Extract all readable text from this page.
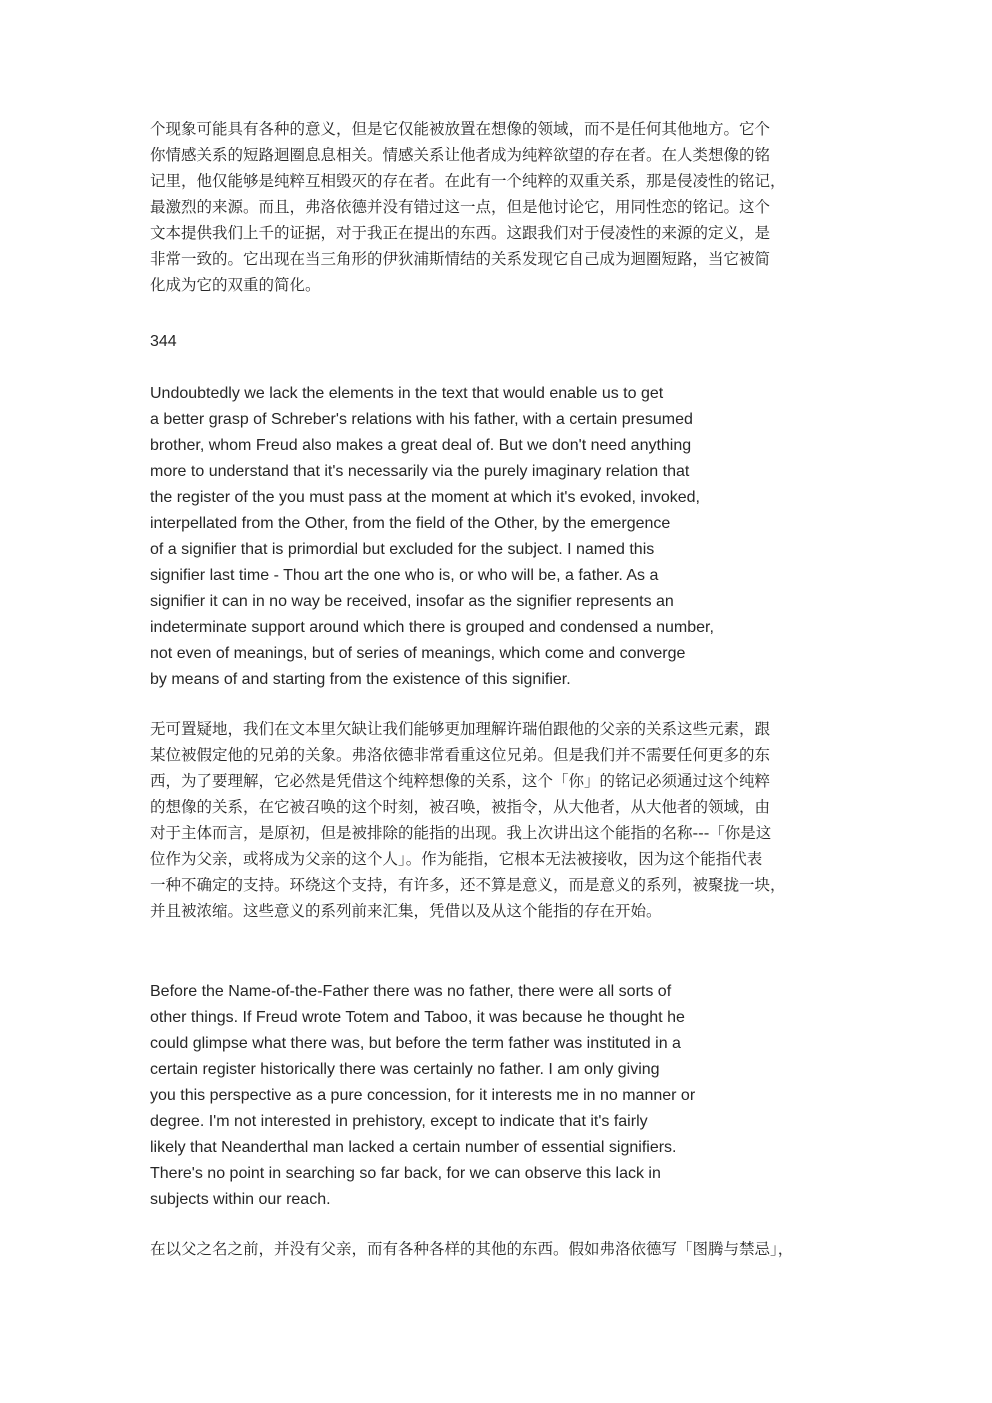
个现象可能具有各种的意义，但是它仅能被放置在想像的领域，而不是任何其他地方。它个
你情感关系的短路迴圈息息相关。情感关系让他者成为纯粹欲望的存在者。在人类想像的铭
记里，他仅能够是纯粹互相毁灭的存在者。在此有一个纯粹的双重关系，那是侵凌性的铭记，
最激烈的来源。而且，弗洛依德并没有错过这一点，但是他讨论它，用同性恋的铭记。这个
文本提供我们上千的证据，对于我正在提出的东西。这跟我们对于侵凌性的来源的定义，是
非常一致的。它出现在当三角形的伊狄浦斯情结的关系发现它自己成为迴圈短路，当它被简
化成为它的双重的简化。
344
Undoubtedly we lack the elements in the text that would enable us to get
a better grasp of Schreber's relations with his father, with a certain presumed
brother, whom Freud also makes a great deal of. But we don't need anything
more to understand that it's necessarily via the purely imaginary relation that
the register of the you must pass at the moment at which it's evoked, invoked,
interpellated from the Other, from the field of the Other, by the emergence
of a signifier that is primordial but excluded for the subject. I named this
signifier last time - Thou art the one who is, or who will be, a father. As a
signifier it can in no way be received, insofar as the signifier represents an
indeterminate support around which there is grouped and condensed a number,
not even of meanings, but of series of meanings, which come and converge
by means of and starting from the existence of this signifier.
无可置疑地，我们在文本里欠缺让我们能够更加理解许瑞伯跟他的父亲的关系这些元素，跟
某位被假定他的兄弟的关象。弗洛依德非常看重这位兄弟。但是我们并不需要任何更多的东
西，为了要理解，它必然是凭借这个纯粹想像的关系，这个「你」的铭记必须通过这个纯粹
的想像的关系，在它被召唤的这个时刻，被召唤，被指令，从大他者，从大他者的领域，由
对于主体而言，是原初，但是被排除的能指的出现。我上次讲出这个能指的名称---「你是这
位作为父亲，或将成为父亲的这个人」。作为能指，它根本无法被接收，因为这个能指代表
一种不确定的支持。环绕这个支持，有许多，还不算是意义，而是意义的系列，被聚拢一块，
并且被浓缩。这些意义的系列前来汇集，凭借以及从这个能指的存在开始。
Before the Name-of-the-Father there was no father, there were all sorts of
other things. If Freud wrote Totem and Taboo, it was because he thought he
could glimpse what there was, but before the term father was instituted in a
certain register historically there was certainly no father. I am only giving
you this perspective as a pure concession, for it interests me in no manner or
degree. I'm not interested in prehistory, except to indicate that it's fairly
likely that Neanderthal man lacked a certain number of essential signifiers.
There's no point in searching so far back, for we can observe this lack in
subjects within our reach.
在以父之名之前，并没有父亲，而有各种各样的其他的东西。假如弗洛依德写「图腾与禁忌」，
